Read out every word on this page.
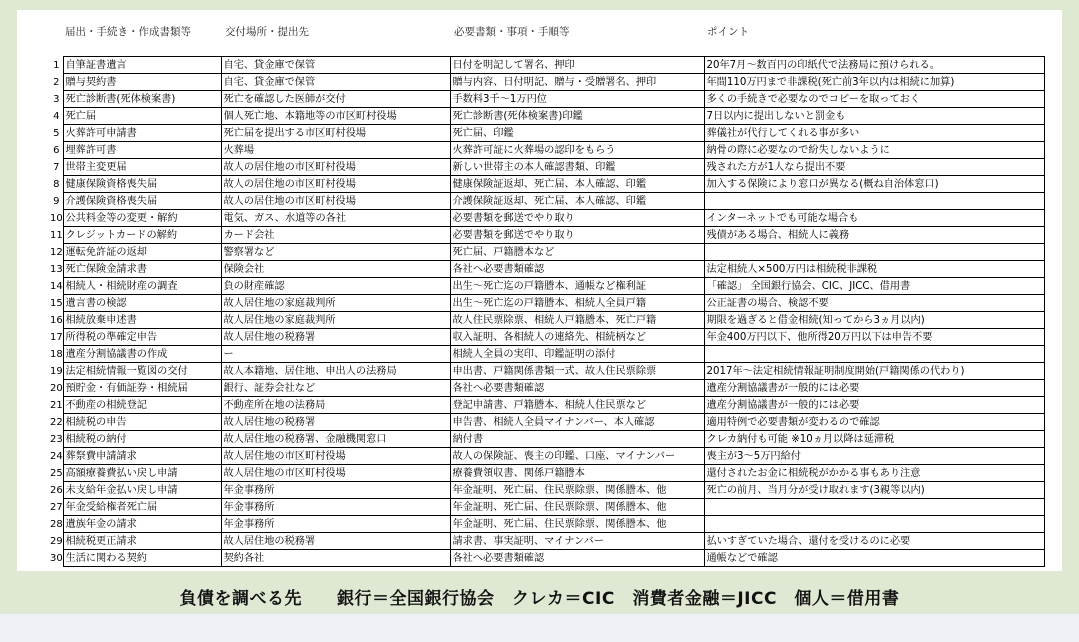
届出・手続き・作成書類等	交付場所・提出先	必要書類・事項・手順等	ポイント
1	自筆証書遺言	自宅、貸金庫で保管	日付を明記して署名、押印	20年7月～数百円の印紙代で法務局に預けられる。
2	贈与契約書	自宅、貸金庫で保管	贈与内容、日付明記、贈与・受贈署名、押印	年間110万円まで非課税(死亡前3年以内は相続に加算)
3	死亡診断書(死体検案書)	死亡を確認した医師が交付	手数料3千～1万円位	多くの手続きで必要なのでコピーを取っておく
4	死亡届	個人死亡地、本籍地等の市区町村役場	死亡診断書(死体検案書)印鑑	7日以内に提出しないと罰金も
5	火葬許可申請書	死亡届を提出する市区町村役場	死亡届、印鑑	葬儀社が代行してくれる事が多い
6	埋葬許可書	火葬場	火葬許可証に火葬場の認印をもらう	納骨の際に必要なので紛失しないように
7	世帯主変更届	故人の居住地の市区町村役場	新しい世帯主の本人確認書類、印鑑	残された方が1人なら提出不要
8	健康保険資格喪失届	故人の居住地の市区町村役場	健康保険証返却、死亡届、本人確認、印鑑	加入する保険により窓口が異なる(概ね自治体窓口)
9	介護保険資格喪失届	故人の居住地の市区町村役場	介護保険証返却、死亡届、本人確認、印鑑	
10	公共料金等の変更・解約	電気、ガス、水道等の各社	必要書類を郵送でやり取り	インターネットでも可能な場合も
11	クレジットカードの解約	カード会社	必要書類を郵送でやり取り	残債がある場合、相続人に義務
12	運転免許証の返却	警察署など	死亡届、戸籍謄本など	
13	死亡保険金請求書	保険会社	各社へ必要書類確認	法定相続人×500万円は相続税非課税
14	相続人・相続財産の調査	負の財産確認	出生～死亡迄の戸籍謄本、通帳など権利証	「確認」 全国銀行協会、CIC、JICC、借用書
15	遺言書の検認	故人居住地の家庭裁判所	出生～死亡迄の戸籍謄本、相続人全員戸籍	公正証書の場合、検認不要
16	相続放棄申述書	故人居住地の家庭裁判所	故人住民票除票、相続人戸籍謄本、死亡戸籍	期限を過ぎると借金相続(知ってから3ヵ月以内)
17	所得税の準確定申告	故人居住地の税務署	収入証明、各相続人の連絡先、相続柄など	年金400万円以下、他所得20万円以下は申告不要
18	遺産分割協議書の作成	ー	相続人全員の実印、印鑑証明の添付	
19	法定相続情報一覧図の交付	故人本籍地、居住地、申出人の法務局	申出書、戸籍関係書類一式、故人住民票除票	2017年～法定相続情報証明制度開始(戸籍関係の代わり)
20	預貯金・有価証券・相続届	銀行、証券会社など	各社へ必要書類確認	遺産分割協議書が一般的には必要
21	不動産の相続登記	不動産所在地の法務局	登記申請書、戸籍謄本、相続人住民票など	遺産分割協議書が一般的には必要
22	相続税の申告	故人居住地の税務署	申告書、相続人全員マイナンバー、本人確認	適用特例で必要書類が変わるので確認
23	相続税の納付	故人居住地の税務署、金融機関窓口	納付書	クレカ納付も可能 ※10ヵ月以降は延滞税
24	葬祭費申請請求	故人居住地の市区町村役場	故人の保険証、喪主の印鑑、口座、マイナンバー	喪主が3～5万円給付
25	高額療養費払い戻し申請	故人居住地の市区町村役場	療養費領収書、関係戸籍謄本	還付されたお金に相続税がかかる事もあり注意
26	未支給年金払い戻し申請	年金事務所	年金証明、死亡届、住民票除票、関係謄本、他	死亡の前月、当月分が受け取れます(3親等以内)
27	年金受給権者死亡届	年金事務所	年金証明、死亡届、住民票除票、関係謄本、他	
28	遺族年金の請求	年金事務所	年金証明、死亡届、住民票除票、関係謄本、他	
29	相続税更正請求	故人居住地の税務署	請求書、事実証明、マイナンバー	払いすぎていた場合、還付を受けるのに必要
30	生活に関わる契約	契約各社	各社へ必要書類確認	通帳などで確認
負債を調べる先　　銀行＝全国銀行協会　クレカ＝CIC　消費者金融＝JICC　個人＝借用書
